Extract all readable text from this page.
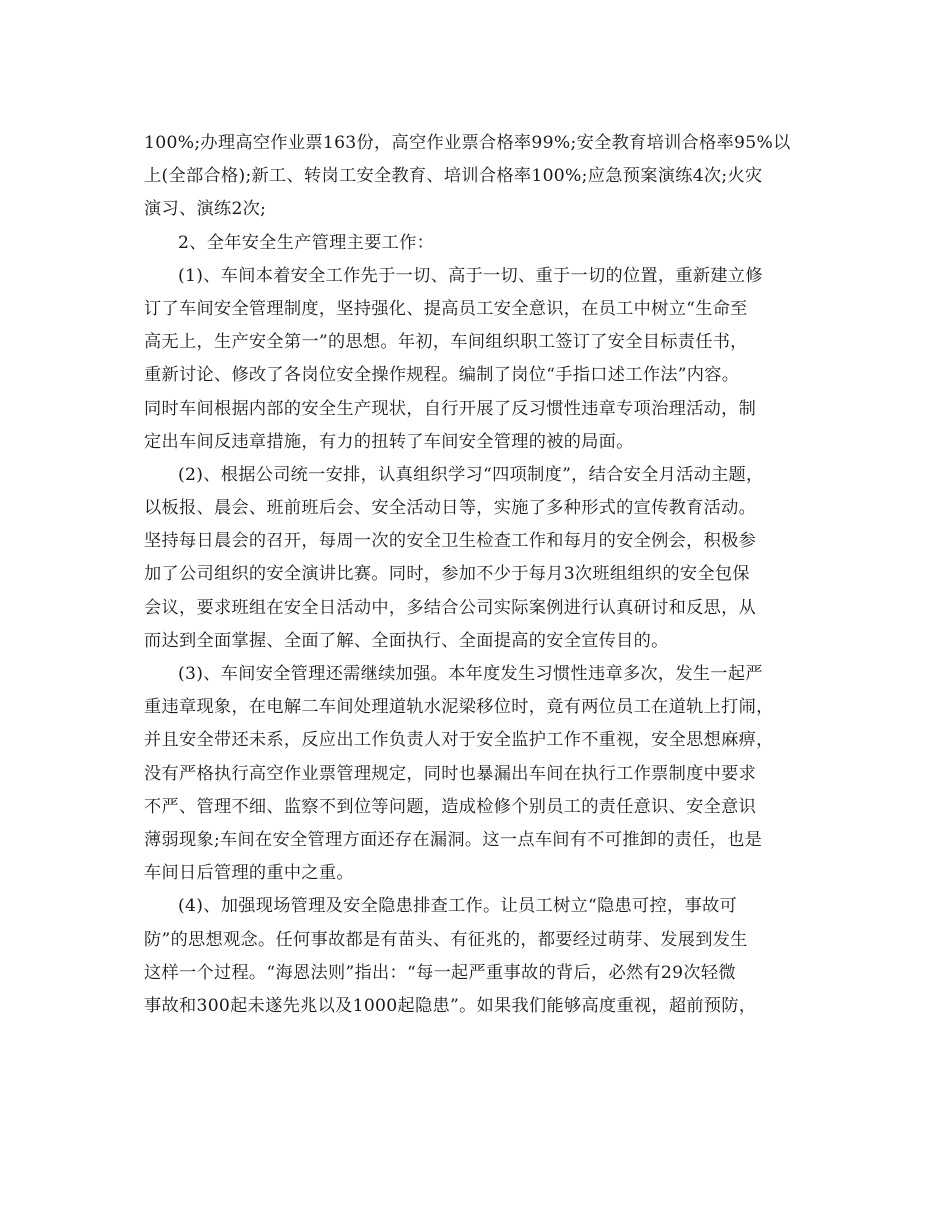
100%;办理高空作业票163份，高空作业票合格率99%;安全教育培训合格率95%以
上(全部合格);新工、转岗工安全教育、培训合格率100%;应急预案演练4次;火灾
演习、演练2次;
2、全年安全生产管理主要工作：
(1)、车间本着安全工作先于一切、高于一切、重于一切的位置，重新建立修
订了车间安全管理制度，坚持强化、提高员工安全意识，在员工中树立“生命至
高无上，生产安全第一”的思想。年初，车间组织职工签订了安全目标责任书，
重新讨论、修改了各岗位安全操作规程。编制了岗位“手指口述工作法”内容。
同时车间根据内部的安全生产现状，自行开展了反习惯性违章专项治理活动，制
定出车间反违章措施，有力的扭转了车间安全管理的被的局面。
(2)、根据公司统一安排，认真组织学习“四项制度”，结合安全月活动主题，
以板报、晨会、班前班后会、安全活动日等，实施了多种形式的宣传教育活动。
坚持每日晨会的召开，每周一次的安全卫生检查工作和每月的安全例会，积极参
加了公司组织的安全演讲比赛。同时，参加不少于每月3次班组组织的安全包保
会议，要求班组在安全日活动中，多结合公司实际案例进行认真研讨和反思，从
而达到全面掌握、全面了解、全面执行、全面提高的安全宣传目的。
(3)、车间安全管理还需继续加强。本年度发生习惯性违章多次，发生一起严
重违章现象，在电解二车间处理道轨水泥梁移位时，竟有两位员工在道轨上打闹，
并且安全带还未系，反应出工作负责人对于安全监护工作不重视，安全思想麻痹，
没有严格执行高空作业票管理规定，同时也暴漏出车间在执行工作票制度中要求
不严、管理不细、监察不到位等问题，造成检修个别员工的责任意识、安全意识
薄弱现象;车间在安全管理方面还存在漏洞。这一点车间有不可推卸的责任，也是
车间日后管理的重中之重。
(4)、加强现场管理及安全隐患排查工作。让员工树立“隐患可控，事故可
防”的思想观念。任何事故都是有苗头、有征兆的，都要经过萌芽、发展到发生
这样一个过程。“海恩法则”指出：“每一起严重事故的背后，必然有29次轻微
事故和300起未遂先兆以及1000起隐患”。如果我们能够高度重视，超前预防，
